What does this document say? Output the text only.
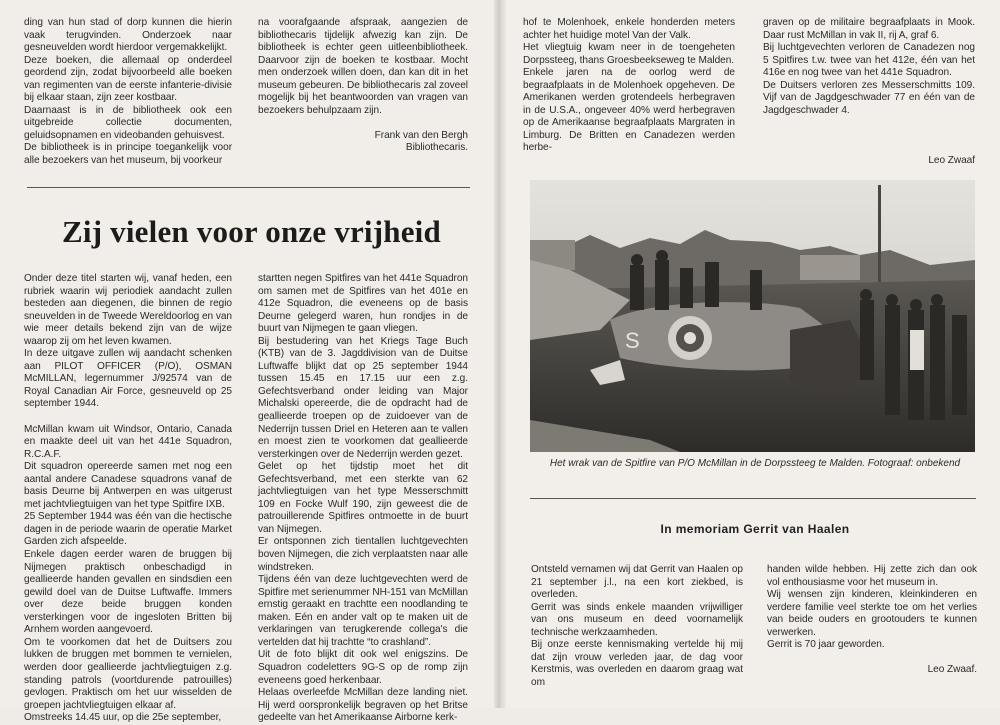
ding van hun stad of dorp kunnen die hierin vaak terugvinden. Onderzoek naar gesneuvelden wordt hierdoor vergemakkelijkt.

Deze boeken, die allemaal op onderdeel geordend zijn, zodat bijvoorbeeld alle boeken van regimenten van de eerste infanterie-divisie bij elkaar staan, zijn zeer kostbaar.

Daarnaast is in de bibliotheek ook een uitgebreide collectie documenten, geluidsopnamen en videobanden gehuisvest.

De bibliotheek is in principe toegankelijk voor alle bezoekers van het museum, bij voorkeur

na voorafgaande afspraak, aangezien de bibliothecaris tijdelijk afwezig kan zijn. De bibliotheek is echter geen uitleenbibliotheek. Daarvoor zijn de boeken te kostbaar. Mocht men onderzoek willen doen, dan kan dit in het museum gebeuren. De bibliothecaris zal zoveel mogelijk bij het beantwoorden van vragen van bezoekers behulpzaam zijn.

Frank van den Bergh

Bibliothecaris.

Zij vielen voor onze vrijheid

Onder deze titel starten wij, vanaf heden, een rubriek waarin wij periodiek aandacht zullen besteden aan diegenen, die binnen de regio sneuvelden in de Tweede Wereldoorlog en van wie meer details bekend zijn van de wijze waarop zij om het leven kwamen.

In deze uitgave zullen wij aandacht schenken aan PILOT OFFICER (P/O), OSMAN McMILLAN, legernummer J/92574 van de Royal Canadian Air Force, gesneuveld op 25 september 1944.

McMillan kwam uit Windsor, Ontario, Canada en maakte deel uit van het 441e Squadron, R.C.A.F.

Dit squadron opereerde samen met nog een aantal andere Canadese squadrons vanaf de basis Deurne bij Antwerpen en was uitgerust met jachtvliegtuigen van het type Spitfire IXB.

25 September 1944 was één van die hectische dagen in de periode waarin de operatie Market Garden zich afspeelde.

Enkele dagen eerder waren de bruggen bij Nijmegen praktisch onbeschadigd in geallieerde handen gevallen en sindsdien een gewild doel van de Duitse Luftwaffe. Immers over deze beide bruggen konden versterkingen voor de ingesloten Britten bij Arnhem worden aangevoerd.

Om te voorkomen dat het de Duitsers zou lukken de bruggen met bommen te vernielen, werden door geallieerde jachtvliegtuigen z.g. standing patrols (voortdurende patrouilles) gevlogen. Praktisch om het uur wisselden de groepen jachtvliegtuigen elkaar af.

Omstreeks 14.45 uur, op die 25e september,

startten negen Spitfires van het 441e Squadron om samen met de Spitfires van het 401e en 412e Squadron, die eveneens op de basis Deurne gelegerd waren, hun rondjes in de buurt van Nijmegen te gaan vliegen.

Bij bestudering van het Kriegs Tage Buch (KTB) van de 3. Jagddivision van de Duitse Luftwaffe blijkt dat op 25 september 1944 tussen 15.45 en 17.15 uur een z.g. Gefechtsverband onder leiding van Major Michalski opereerde, die de opdracht had de geallieerde troepen op de zuidoever van de Nederrijn tussen Driel en Heteren aan te vallen en moest zien te voorkomen dat geallieerde versterkingen over de Nederrijn werden gezet.

Gelet op het tijdstip moet het dit Gefechtsverband, met een sterkte van 62 jachtvliegtuigen van het type Messerschmitt 109 en Focke Wulf 190, zijn geweest die de patrouillerende Spitfires ontmoette in de buurt van Nijmegen.

Er ontsponnen zich tientallen luchtgevechten boven Nijmegen, die zich verplaatsten naar alle windstreken.

Tijdens één van deze luchtgevechten werd de Spitfire met serienummer NH-151 van McMillan ernstig geraakt en trachtte een noodlanding te maken. Eén en ander valt op te maken uit de verklaringen van terugkerende collega's die vertelden dat hij trachtte “to crashland”.

Uit de foto blijkt dit ook wel enigszins. De Squadron codeletters 9G-S op de romp zijn eveneens goed herkenbaar.

Helaas overleefde McMillan deze landing niet. Hij werd oorspronkelijk begraven op het Britse gedeelte van het Amerikaanse Airborne kerk-

hof te Molenhoek, enkele honderden meters achter het huidige motel Van der Valk.

Het vliegtuig kwam neer in de toengeheten Dorpssteeg, thans Groesbeekseweg te Malden.

Enkele jaren na de oorlog werd de begraafplaats in de Molenhoek opgeheven. De Amerikanen werden grotendeels herbegraven in de U.S.A., ongeveer 40% werd herbegraven op de Amerikaanse begraafplaats Margraten in Limburg. De Britten en Canadezen werden herbe-

graven op de militaire begraafplaats in Mook. Daar rust McMillan in vak II, rij A, graf 6.

Bij luchtgevechten verloren de Canadezen nog 5 Spitfires t.w. twee van het 412e, één van het 416e en nog twee van het 441e Squadron.

De Duitsers verloren zes Messerschmitts 109. Vijf van de Jagdgeschwader 77 en één van de Jagdgeschwader 4.

Leo Zwaaf

S
Het wrak van de Spitfire van P/O McMillan in de Dorpssteeg te Malden. Fotograaf: onbekend
In memoriam Gerrit van Haalen

Ontsteld vernamen wij dat Gerrit van Haalen op 21 september j.l., na een kort ziekbed, is overleden.

Gerrit was sinds enkele maanden vrijwilliger van ons museum en deed voornamelijk technische werkzaamheden.

Bij onze eerste kennismaking vertelde hij mij dat zijn vrouw verleden jaar, de dag voor Kerstmis, was overleden en daarom graag wat om

handen wilde hebben. Hij zette zich dan ook vol enthousiasme voor het museum in.

Wij wensen zijn kinderen, kleinkinderen en verdere familie veel sterkte toe om het verlies van beide ouders en grootouders te kunnen verwerken.

Gerrit is 70 jaar geworden.

Leo Zwaaf.
